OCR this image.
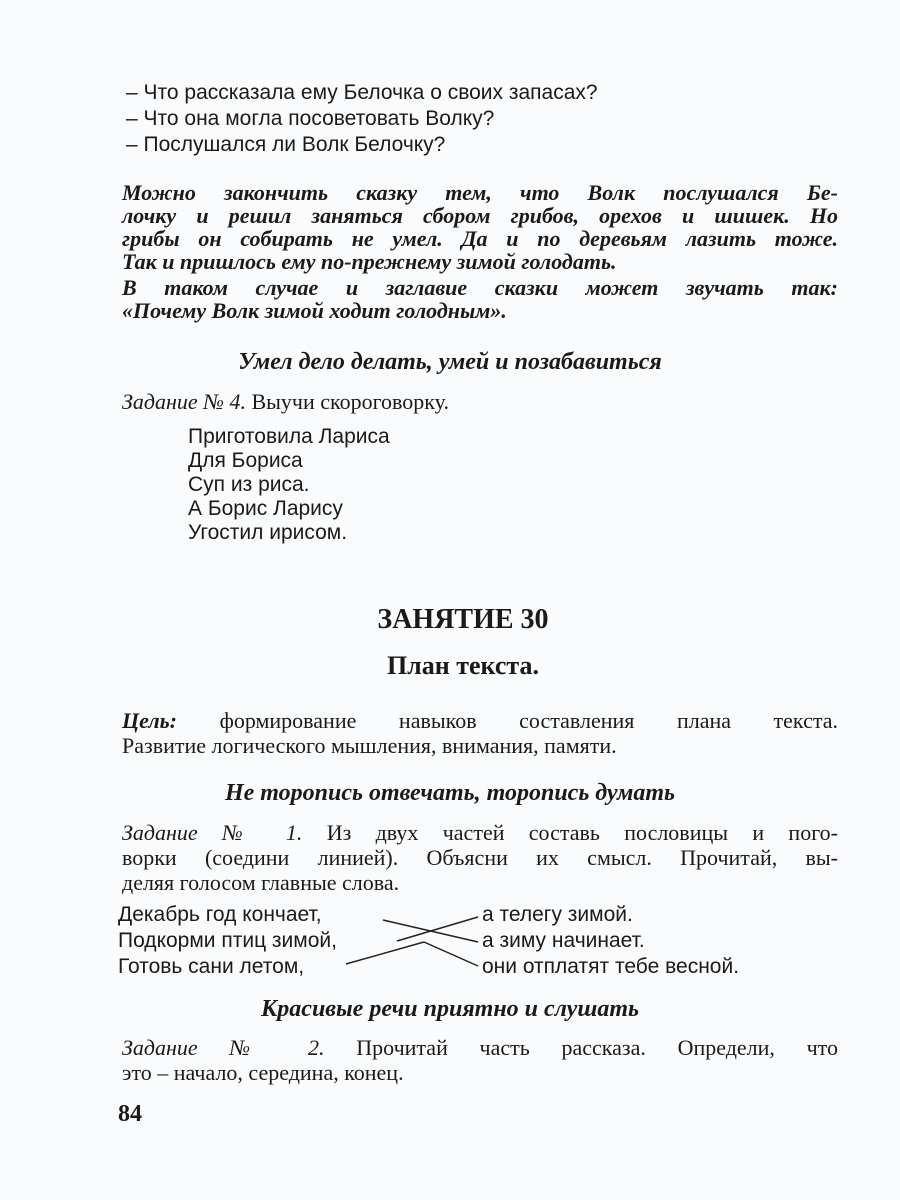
– Что рассказала ему Белочка о своих запасах?
– Что она могла посоветовать Волку?
– Послушался ли Волк Белочку?
Можно закончить сказку тем, что Волк послушался Бе-
лочку и решил заняться сбором грибов, орехов и шишек. Но
грибы он собирать не умел. Да и по деревьям лазить тоже.
Так и пришлось ему по-прежнему зимой голодать.
В таком случае и заглавие сказки может звучать так:
«Почему Волк зимой ходит голодным».
Умел дело делать, умей и позабавиться
Задание № 4. Выучи скороговорку.
Приготовила Лариса
Для Бориса
Суп из риса.
А Борис Ларису
Угостил ирисом.
ЗАНЯТИЕ 30
План текста.
Цель: формирование навыков составления плана текста.
Развитие логического мышления, внимания, памяти.
Не торопись отвечать, торопись думать
Задание № 1. Из двух частей составь пословицы и пого-
ворки (соедини линией). Объясни их смысл. Прочитай, вы-
деляя голосом главные слова.
Декабрь год кончает,
Подкорми птиц зимой,
Готовь сани летом,
а телегу зимой.
а зиму начинает.
они отплатят тебе весной.
Красивые речи приятно и слушать
Задание № 2. Прочитай часть рассказа. Определи, что
это – начало, середина, конец.
84
